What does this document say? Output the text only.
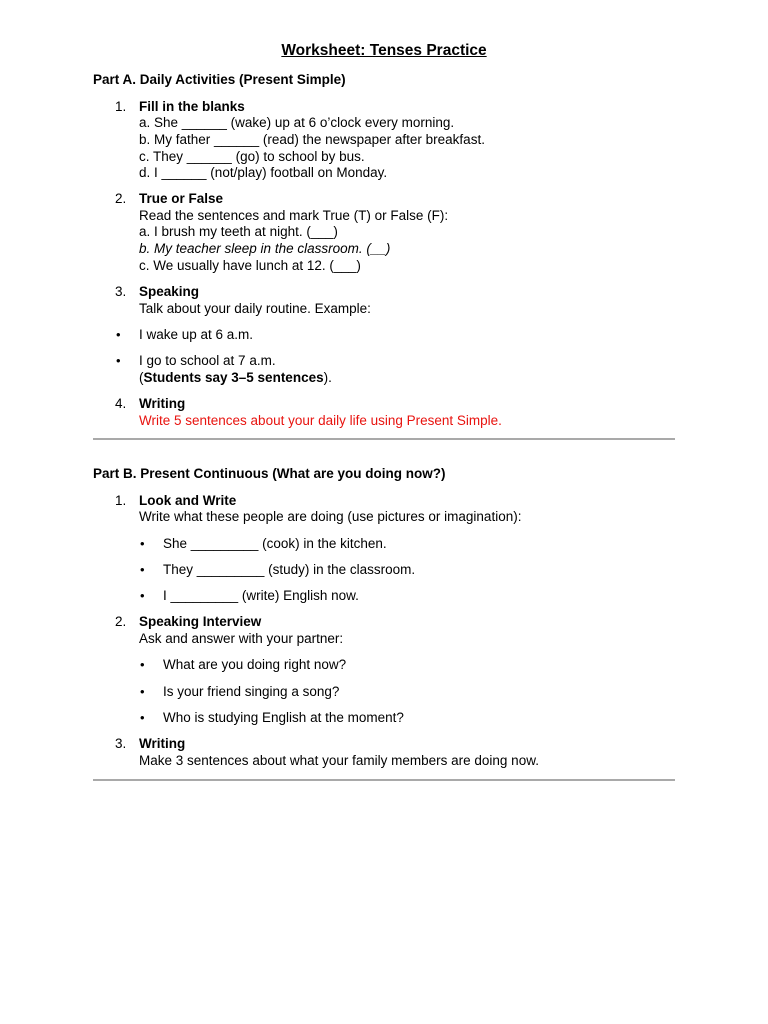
Worksheet: Tenses Practice
Part A. Daily Activities (Present Simple)
1. Fill in the blanks
a. She ______ (wake) up at 6 o’clock every morning.
b. My father ______ (read) the newspaper after breakfast.
c. They ______ (go) to school by bus.
d. I ______ (not/play) football on Monday.
2. True or False
Read the sentences and mark True (T) or False (F):
a. I brush my teeth at night. (___)
b. My teacher sleep in the classroom. (__)
c. We usually have lunch at 12. (___)
3. Speaking
Talk about your daily routine. Example:
• I wake up at 6 a.m.
• I go to school at 7 a.m.
(Students say 3–5 sentences).
4. Writing
Write 5 sentences about your daily life using Present Simple.
Part B. Present Continuous (What are you doing now?)
1. Look and Write
Write what these people are doing (use pictures or imagination):
• She _________ (cook) in the kitchen.
• They _________ (study) in the classroom.
• I _________ (write) English now.
2. Speaking Interview
Ask and answer with your partner:
• What are you doing right now?
• Is your friend singing a song?
• Who is studying English at the moment?
3. Writing
Make 3 sentences about what your family members are doing now.
